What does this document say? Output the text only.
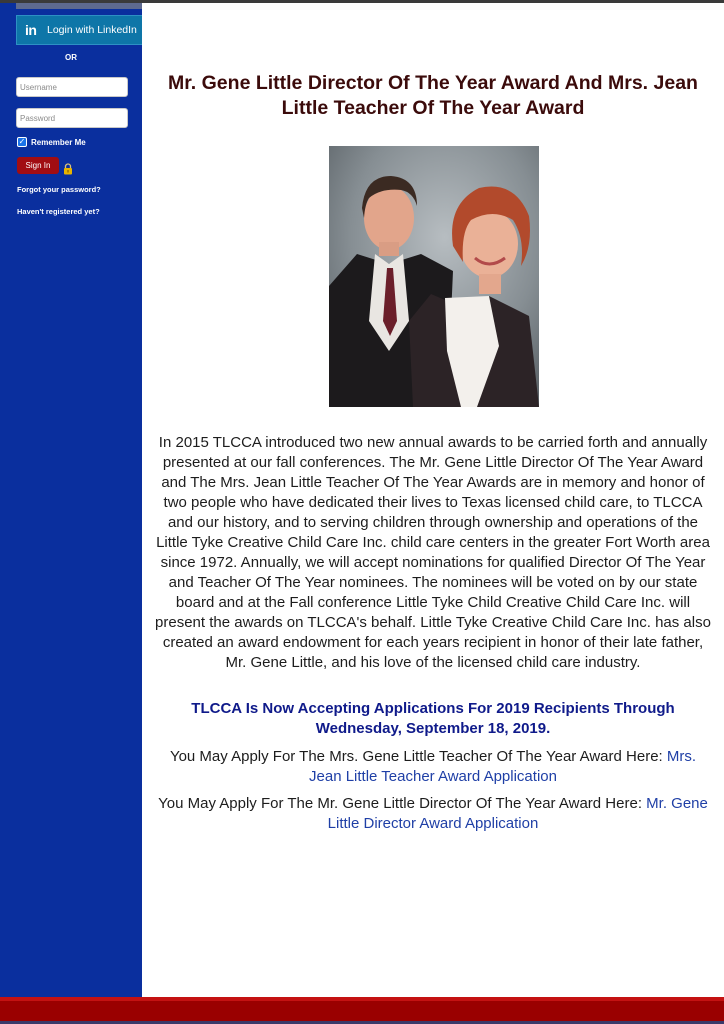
in	Login with LinkedIn
OR
Username
✓ Remember Me
Sign In
Forgot your password?
Haven't registered yet?
Mr. Gene Little Director Of The Year Award And Mrs. Jean Little Teacher Of The Year Award

In 2015 TLCCA introduced two new annual awards to be carried forth and annually presented at our fall conferences. The Mr. Gene Little Director Of The Year Award and The Mrs. Jean Little Teacher Of The Year Awards are in memory and honor of two people who have dedicated their lives to Texas licensed child care, to TLCCA and our history, and to serving children through ownership and operations of the Little Tyke Creative Child Care Inc. child care centers in the greater Fort Worth area since 1972. Annually, we will accept nominations for qualified Director Of The Year and Teacher Of The Year nominees. The nominees will be voted on by our state board and at the Fall conference Little Tyke Child Creative Child Care Inc. will present the awards on TLCCA's behalf. Little Tyke Creative Child Care Inc. has also created an award endowment for each years recipient in honor of their late father, Mr. Gene Little, and his love of the licensed child care industry.

TLCCA Is Now Accepting Applications For 2019 Recipients Through Wednesday, September 18, 2019.

You May Apply For The Mrs. Gene Little Teacher Of The Year Award Here: Mrs. Jean Little Teacher Award Application

You May Apply For The Mr. Gene Little Director Of The Year Award Here: Mr. Gene Little Director Award Application
